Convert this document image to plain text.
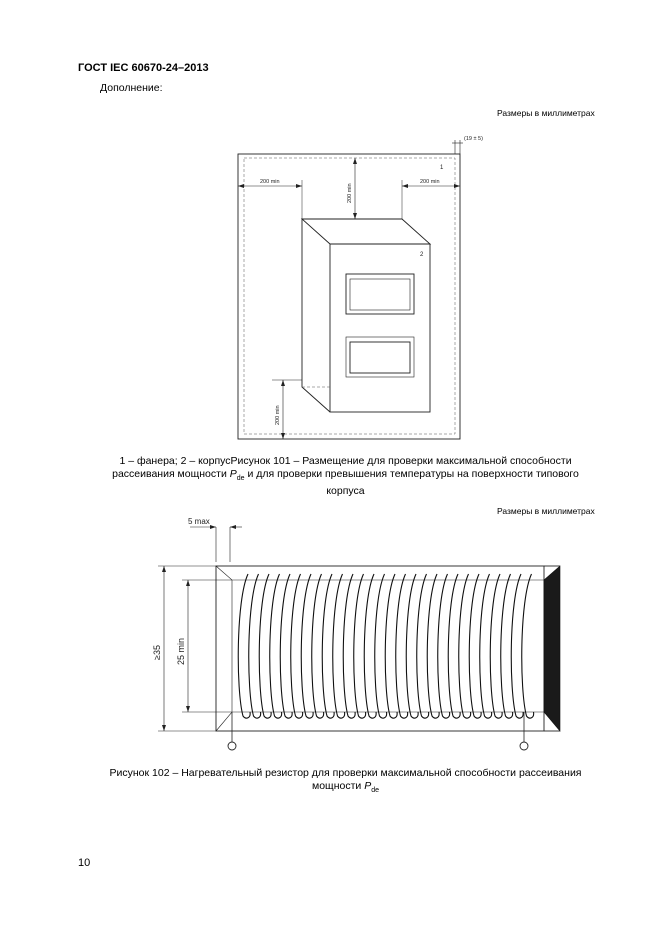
ГОСТ IEC 60670-24–2013
Дополнение:
Размеры в миллиметрах
(19 ± 5)
1
2
200 min	200 min
200 min
200 min
1 – фанера; 2 – корпусРисунок 101 – Размещение для проверки максимальной способности
рассеивания мощности $P_{de}$ и для проверки превышения температуры на поверхности типового
корпуса
Размеры в миллиметрах
5 max
≥35 25 min
Рисунок 102 – Нагревательный резистор для проверки максимальной способности рассеивания
мощности $P_{de}$
10
